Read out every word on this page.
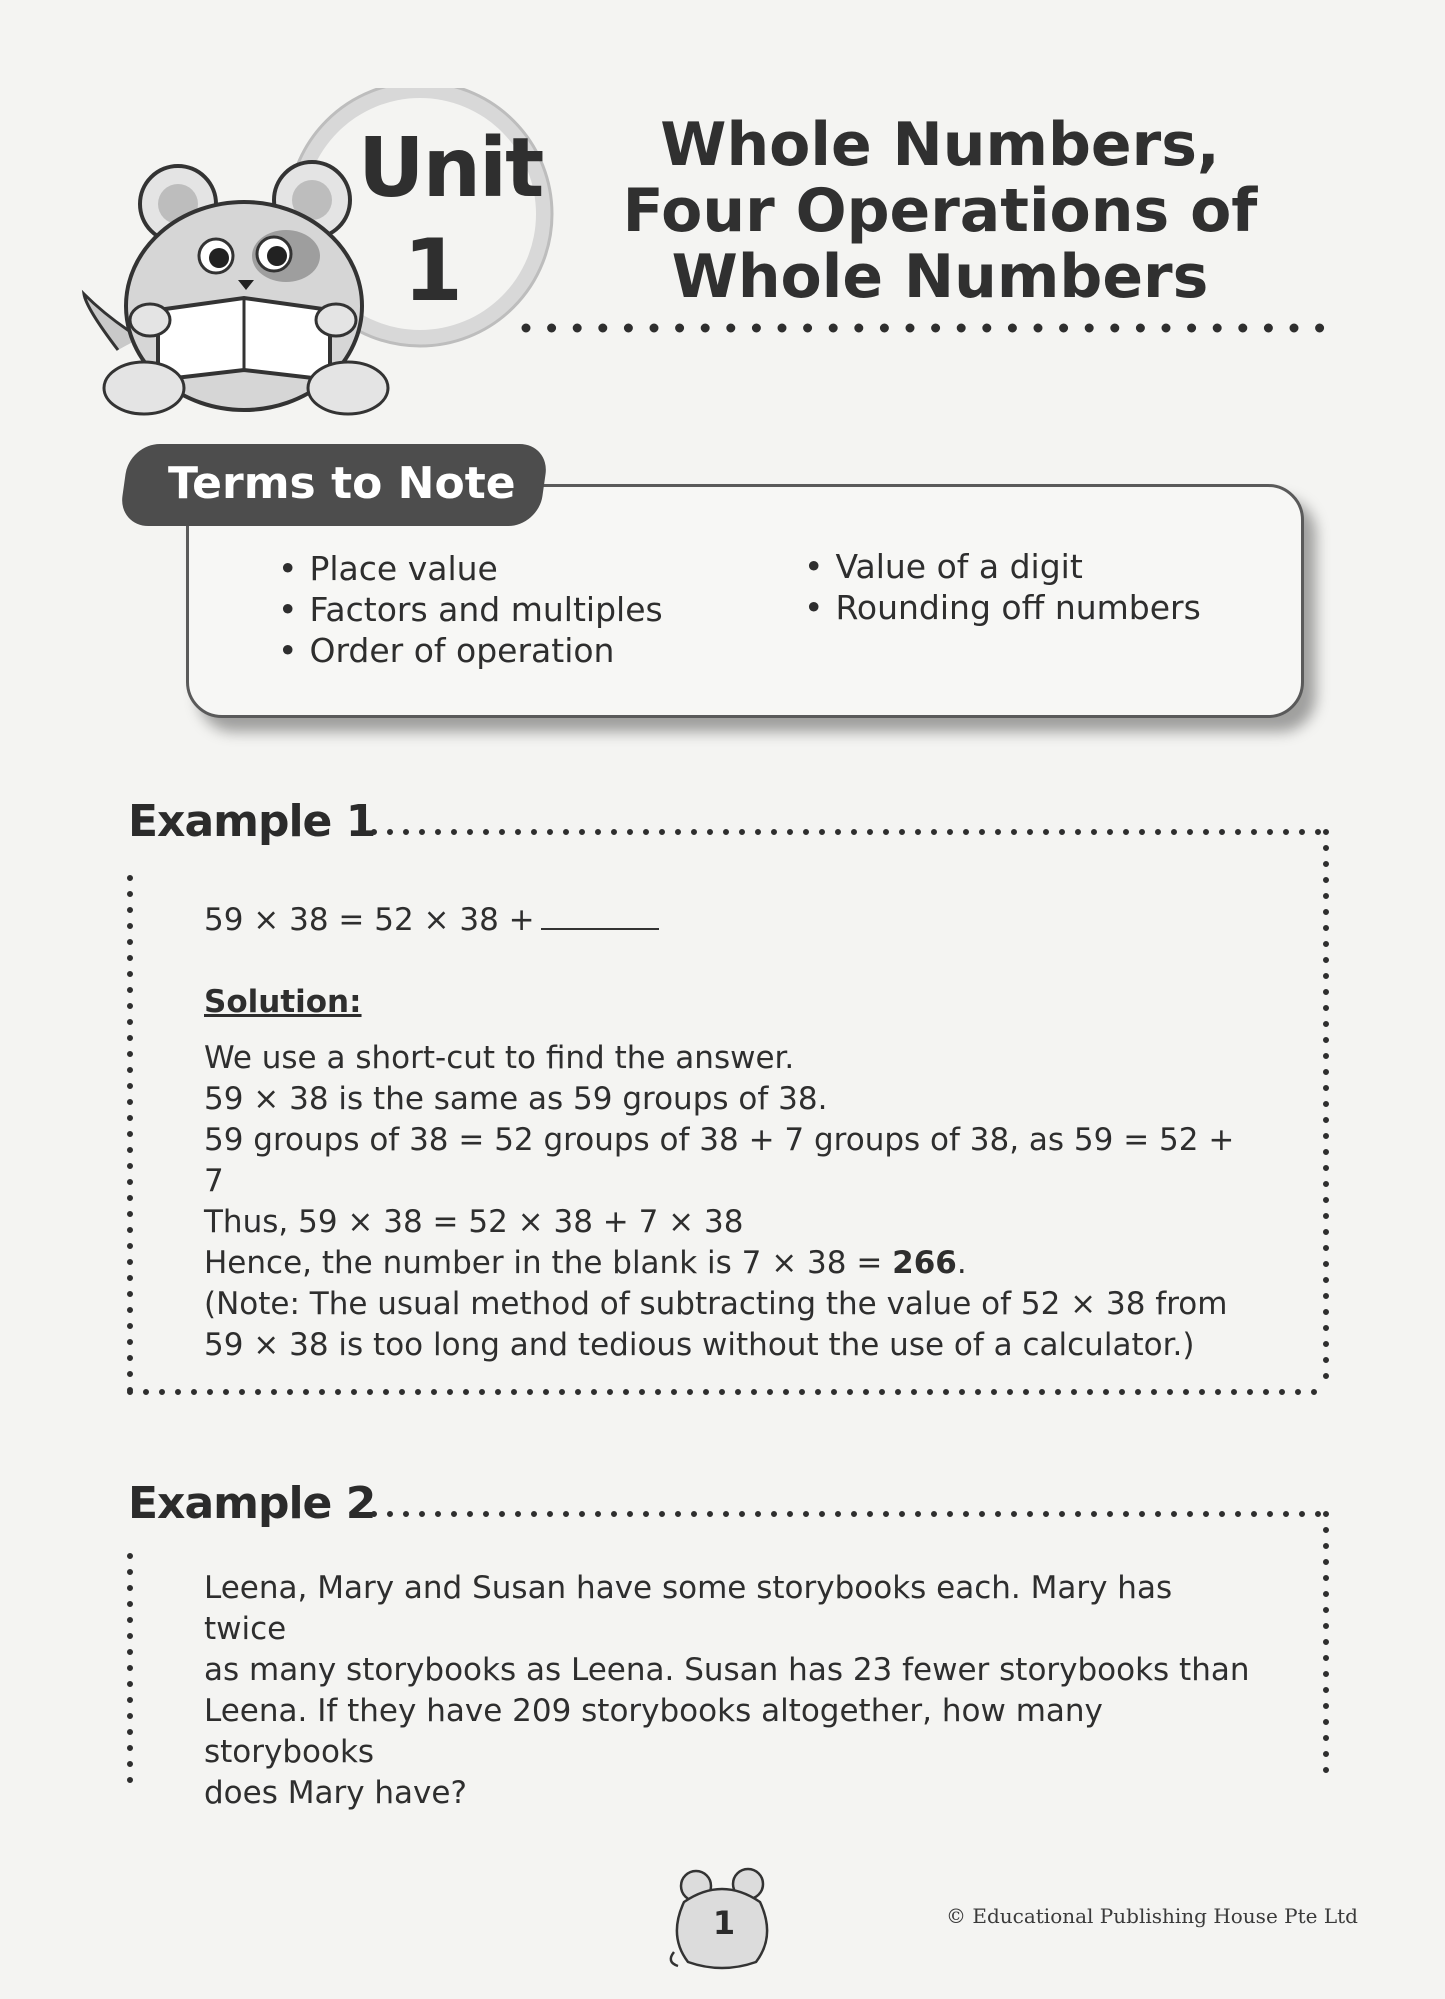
Unit
1
Whole Numbers,
Four Operations of
Whole Numbers
Terms to Note
• Place value
• Factors and multiples
• Order of operation
• Value of a digit
• Rounding off numbers
Example 1
59 × 38 = 52 × 38 +
Solution:

We use a short-cut to find the answer.

59 × 38 is the same as 59 groups of 38.

59 groups of 38 = 52 groups of 38 + 7 groups of 38, as 59 = 52 + 7

Thus, 59 × 38 = 52 × 38 + 7 × 38

Hence, the number in the blank is 7 × 38 = 266.

(Note: The usual method of subtracting the value of 52 × 38 from

59 × 38 is too long and tedious without the use of a calculator.)

Example 2

Leena, Mary and Susan have some storybooks each. Mary has twice

as many storybooks as Leena. Susan has 23 fewer storybooks than

Leena. If they have 209 storybooks altogether, how many storybooks

does Mary have?

1	© Educational Publishing House Pte Ltd
